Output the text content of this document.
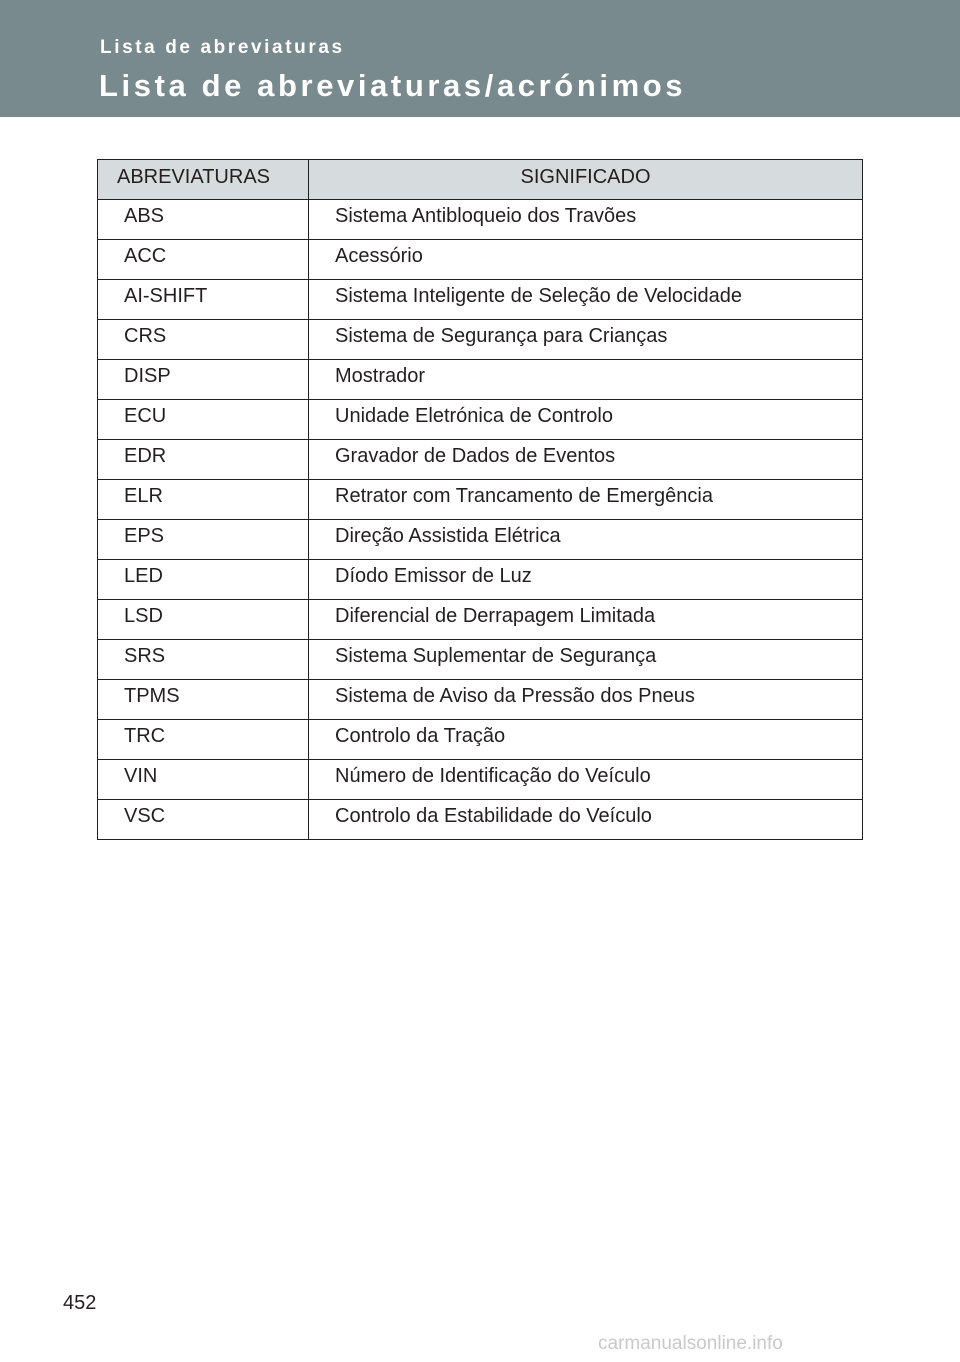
Lista de abreviaturas
Lista de abreviaturas/acrónimos
ABREVIATURAS	SIGNIFICADO
ABS	Sistema Antibloqueio dos Travões
ACC	Acessório
AI-SHIFT	Sistema Inteligente de Seleção de Velocidade
CRS	Sistema de Segurança para Crianças
DISP	Mostrador
ECU	Unidade Eletrónica de Controlo
EDR	Gravador de Dados de Eventos
ELR	Retrator com Trancamento de Emergência
EPS	Direção Assistida Elétrica
LED	Díodo Emissor de Luz
LSD	Diferencial de Derrapagem Limitada
SRS	Sistema Suplementar de Segurança
TPMS	Sistema de Aviso da Pressão dos Pneus
TRC	Controlo da Tração
VIN	Número de Identificação do Veículo
VSC	Controlo da Estabilidade do Veículo
452
carmanualsonline.info
